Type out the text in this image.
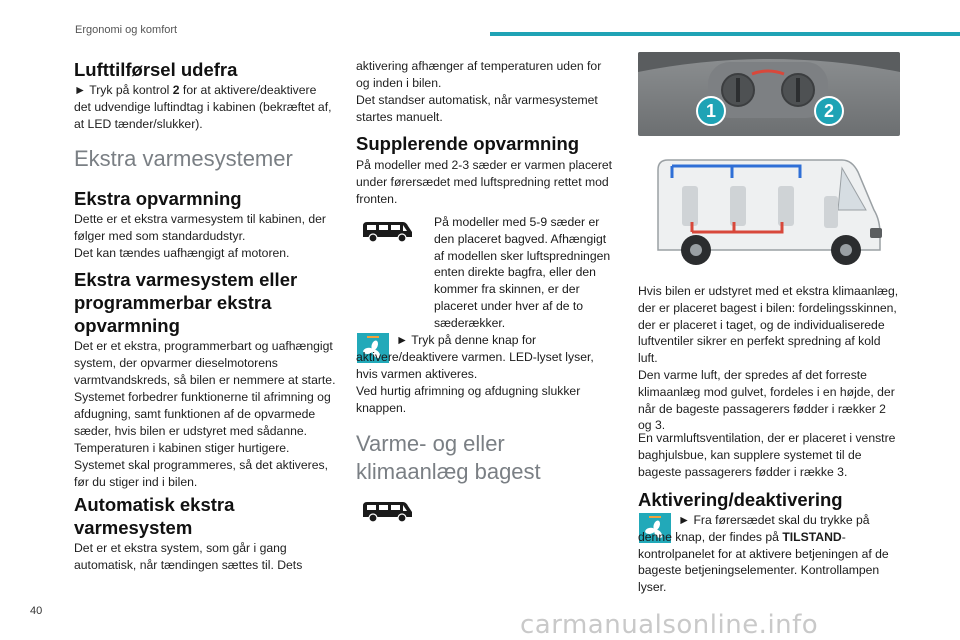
Ergonomi og komfort
40	carmanualsonline.info
Lufttilførsel udefra

► Tryk på kontrol 2 for at aktivere/deaktivere det udvendige luftindtag i kabinen (bekræftet af, at LED tænder/slukker).

Ekstra varmesystemer
Ekstra opvarmning

Dette er et ekstra varmesystem til kabinen, der følger med som standardudstyr.

Det kan tændes uafhængigt af motoren.

Ekstra varmesystem eller programmerbar ekstra opvarmning

Det er et ekstra, programmerbart og uafhængigt system, der opvarmer dieselmotorens varmtvandskreds, så bilen er nemmere at starte.

Systemet forbedrer funktionerne til afrimning og afdugning, samt funktionen af de opvarmede sæder, hvis bilen er udstyret med sådanne.

Temperaturen i kabinen stiger hurtigere.

Systemet skal programmeres, så det aktiveres, før du stiger ind i bilen.

Automatisk ekstra varmesystem

Det er et ekstra system, som går i gang automatisk, når tændingen sættes til. Dets

aktivering afhænger af temperaturen uden for og inden i bilen.

Det standser automatisk, når varmesystemet startes manuelt.

Supplerende opvarmning

På modeller med 2-3 sæder er varmen placeret under førersædet med luftspredning rettet mod fronten.

På modeller med 5-9 sæder er den placeret bagved. Afhængigt af modellen sker luftspredningen enten direkte bagfra, eller den kommer fra skinnen, er der placeret under hver af de to sæderækker.

► Tryk på denne knap for aktivere/deaktivere varmen. LED-lyset lyser, hvis varmen aktiveres.

Ved hurtig afrimning og afdugning slukker knappen.

Varme- og eller klimaanlæg bagest
1	2

Hvis bilen er udstyret med et ekstra klimaanlæg, der er placeret bagest i bilen: fordelingsskinnen, der er placeret i taget, og de individualiserede luftventiler sikrer en perfekt spredning af kold luft.

Den varme luft, der spredes af det forreste klimaanlæg mod gulvet, fordeles i en højde, der når de bageste passagerers fødder i rækker 2 og 3.

En varmluftsventilation, der er placeret i venstre baghjulsbue, kan supplere systemet til de bageste passagerers fødder i række 3.

Aktivering/deaktivering

► Fra førersædet skal du trykke på denne knap, der findes på TILSTAND-kontrolpanelet for at aktivere betjeningen af de bageste betjeningselementer. Kontrollampen lyser.
